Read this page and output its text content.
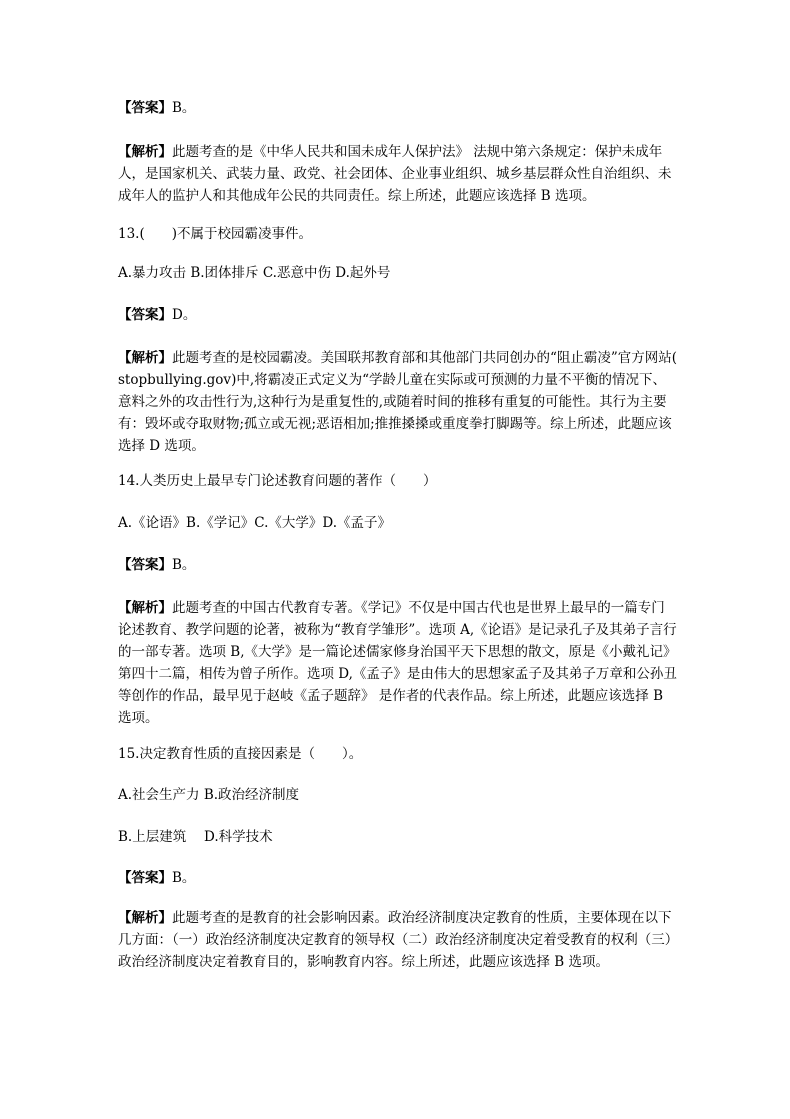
【答案】B。

【解析】此题考查的是《中华人民共和国未成年人保护法》 法规中第六条规定：保护未成年人，是国家机关、武装力量、政党、社会团体、企业事业组织、城乡基层群众性自治组织、未成年人的监护人和其他成年公民的共同责任。综上所述，此题应该选择 B 选项。

13.(　　)不属于校园霸凌事件。

A.暴力攻击 B.团体排斥 C.恶意中伤 D.起外号

【答案】D。

【解析】此题考查的是校园霸凌。美国联邦教育部和其他部门共同创办的“阻止霸凌”官方网站( stopbullying.gov)中,将霸凌正式定义为“学龄儿童在实际或可预测的力量不平衡的情况下、意料之外的攻击性行为,这种行为是重复性的,或随着时间的推移有重复的可能性。其行为主要有：毁坏或夺取财物;孤立或无视;恶语相加;推推搡搡或重度拳打脚踢等。综上所述，此题应该选择 D 选项。

14.人类历史上最早专门论述教育问题的著作（　　）

A.《论语》B.《学记》C.《大学》D.《孟子》

【答案】B。

【解析】此题考查的中国古代教育专著。《学记》不仅是中国古代也是世界上最早的一篇专门论述教育、教学问题的论著，被称为“教育学雏形”。选项 A,《论语》是记录孔子及其弟子言行的一部专著。选项 B,《大学》是一篇论述儒家修身治国平天下思想的散文，原是《小戴礼记》第四十二篇，相传为曾子所作。选项 D,《孟子》是由伟大的思想家孟子及其弟子万章和公孙丑等创作的作品，最早见于赵岐《孟子题辞》 是作者的代表作品。综上所述，此题应该选择 B 选项。

15.决定教育性质的直接因素是（　　）。

A.社会生产力 B.政治经济制度

B.上层建筑　 D.科学技术

【答案】B。

【解析】此题考查的是教育的社会影响因素。政治经济制度决定教育的性质，主要体现在以下几方面：（一）政治经济制度决定教育的领导权（二）政治经济制度决定着受教育的权利（三）政治经济制度决定着教育目的，影响教育内容。综上所述，此题应该选择 B 选项。
